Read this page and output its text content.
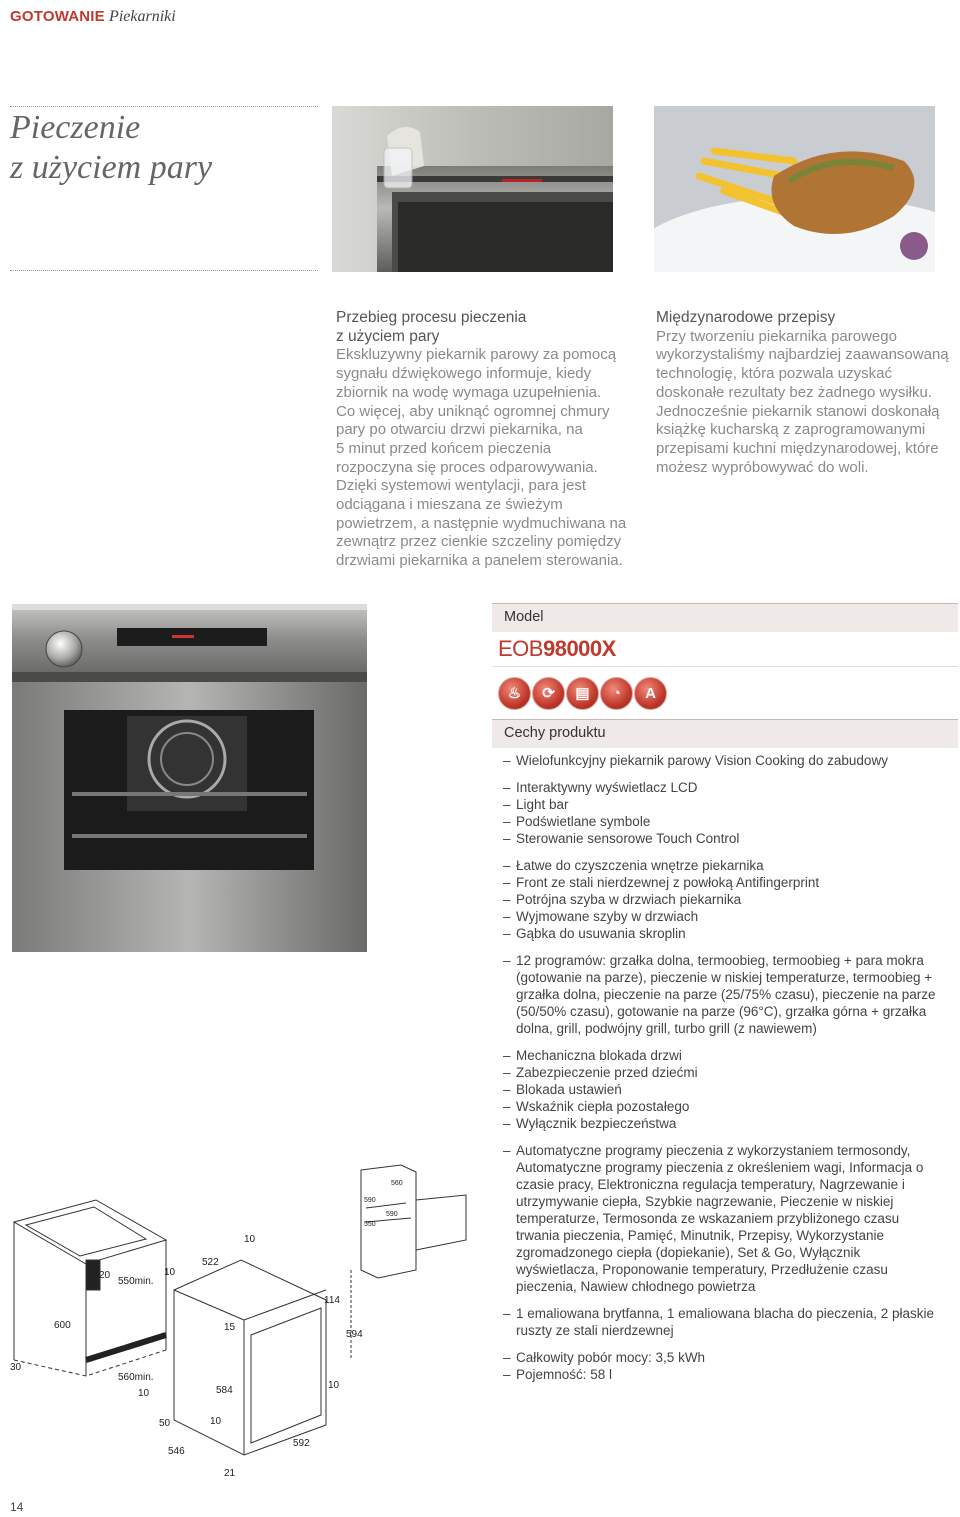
GOTOWANIE Piekarniki
Pieczenie
z użyciem pary
Przebieg procesu pieczenia
z użyciem pary
Ekskluzywny piekarnik parowy za pomocą
sygnału dźwiękowego informuje, kiedy
zbiornik na wodę wymaga uzupełnienia.
Co więcej, aby uniknąć ogromnej chmury
pary po otwarciu drzwi piekarnika, na
5 minut przed końcem pieczenia
rozpoczyna się proces odparowywania.
Dzięki systemowi wentylacji, para jest
odciągana i mieszana ze świeżym
powietrzem, a następnie wydmuchiwana na
zewnątrz przez cienkie szczeliny pomiędzy
drzwiami piekarnika a panelem sterowania.
Międzynarodowe przepisy
Przy tworzeniu piekarnika parowego
wykorzystaliśmy najbardziej zaawansowaną
technologię, która pozwala uzyskać
doskonałe rezultaty bez żadnego wysiłku.
Jednocześnie piekarnik stanowi doskonałą
książkę kucharską z zaprogramowanymi
przepisami kuchni międzynarodowej, które
możesz wypróbowywać do woli.
10
522
20
550min.
10
114
600
594
15
30
560min.
10	584	10
50	10
546
592
21
560
590
550
590
Model
EOB98000X
♨	⟳	▤	◔	A
Cechy produktu
– Wielofunkcyjny piekarnik parowy Vision Cooking do zabudowy
– Interaktywny wyświetlacz LCD
– Light bar
– Podświetlane symbole
– Sterowanie sensorowe Touch Control
– Łatwe do czyszczenia wnętrze piekarnika
– Front ze stali nierdzewnej z powłoką Antifingerprint
– Potrójna szyba w drzwiach piekarnika
– Wyjmowane szyby w drzwiach
– Gąbka do usuwania skroplin
– 12 programów: grzałka dolna, termoobieg, termoobieg + para mokra (gotowanie na parze), pieczenie w niskiej temperaturze, termoobieg + grzałka dolna, pieczenie na parze (25/75% czasu), pieczenie na parze (50/50% czasu), gotowanie na parze (96°C), grzałka górna + grzałka dolna, grill, podwójny grill, turbo grill (z nawiewem)
– Mechaniczna blokada drzwi
– Zabezpieczenie przed dziećmi
– Blokada ustawień
– Wskaźnik ciepła pozostałego
– Wyłącznik bezpieczeństwa
– Automatyczne programy pieczenia z wykorzystaniem termosondy, Automatyczne programy pieczenia z określeniem wagi, Informacja o czasie pracy, Elektroniczna regulacja temperatury, Nagrzewanie i utrzymywanie ciepła, Szybkie nagrzewanie, Pieczenie w niskiej temperaturze, Termosonda ze wskazaniem przybliżonego czasu trwania pieczenia, Pamięć, Minutnik, Przepisy, Wykorzystanie zgromadzonego ciepła (dopiekanie), Set & Go, Wyłącznik wyświetlacza, Proponowanie temperatury, Przedłużenie czasu pieczenia, Nawiew chłodnego powietrza
– 1 emaliowana brytfanna, 1 emaliowana blacha do pieczenia, 2 płaskie ruszty ze stali nierdzewnej
– Całkowity pobór mocy: 3,5 kWh
– Pojemność: 58 l
14
